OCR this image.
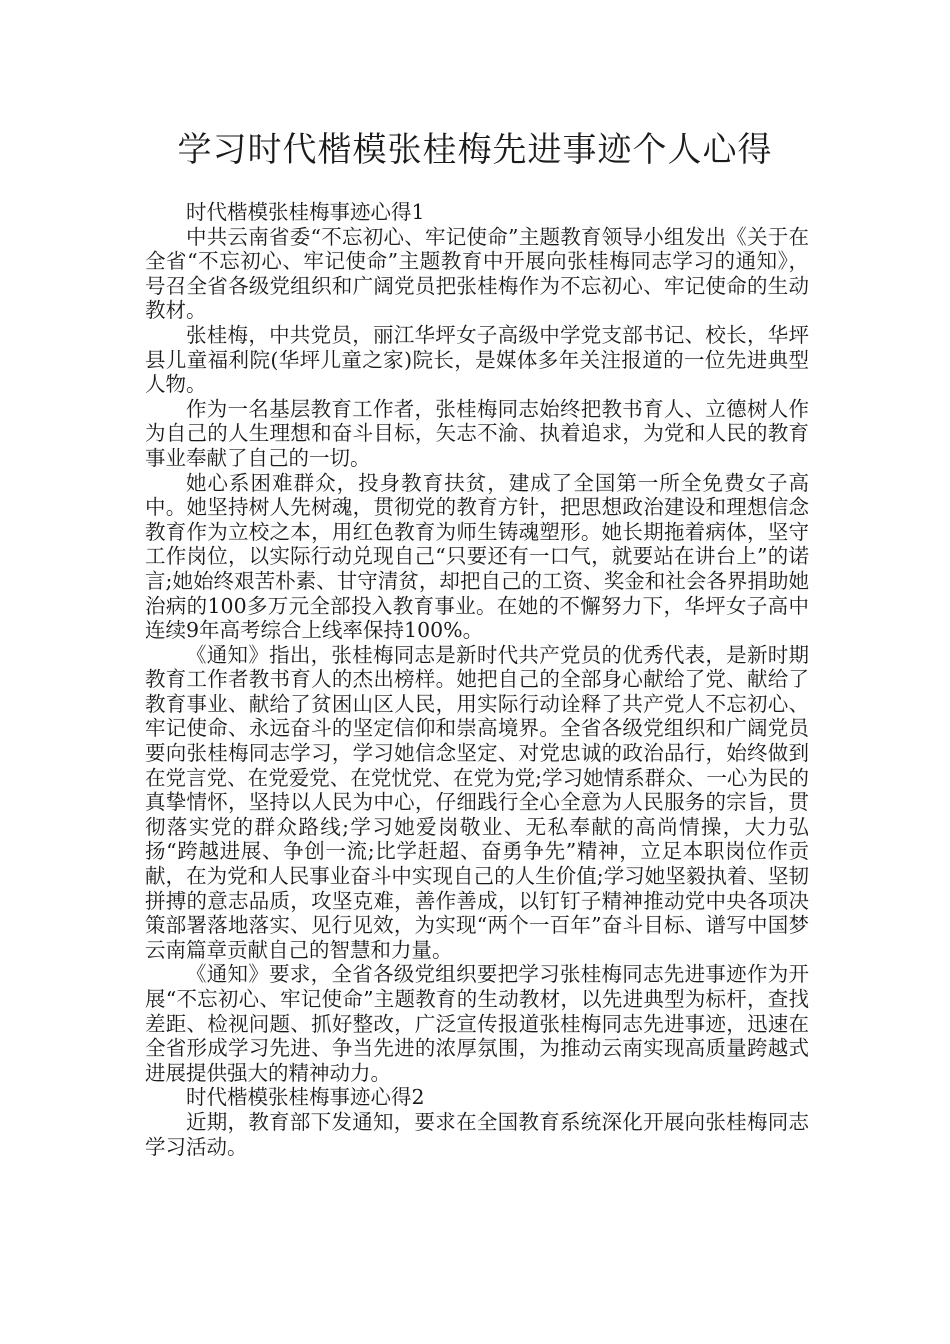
学习时代楷模张桂梅先进事迹个人心得

时代楷模张桂梅事迹心得1

中共云南省委“不忘初心、牢记使命”主题教育领导小组发出《关于在全省“不忘初心、牢记使命”主题教育中开展向张桂梅同志学习的通知》，号召全省各级党组织和广阔党员把张桂梅作为不忘初心、牢记使命的生动教材。

张桂梅，中共党员，丽江华坪女子高级中学党支部书记、校长，华坪县儿童福利院(华坪儿童之家)院长，是媒体多年关注报道的一位先进典型人物。

作为一名基层教育工作者，张桂梅同志始终把教书育人、立德树人作为自己的人生理想和奋斗目标，矢志不渝、执着追求，为党和人民的教育事业奉献了自己的一切。

她心系困难群众，投身教育扶贫，建成了全国第一所全免费女子高中。她坚持树人先树魂，贯彻党的教育方针，把思想政治建设和理想信念教育作为立校之本，用红色教育为师生铸魂塑形。她长期拖着病体，坚守工作岗位，以实际行动兑现自己“只要还有一口气，就要站在讲台上”的诺言;她始终艰苦朴素、甘守清贫，却把自己的工资、奖金和社会各界捐助她治病的100多万元全部投入教育事业。在她的不懈努力下，华坪女子高中连续9年高考综合上线率保持100%。

《通知》指出，张桂梅同志是新时代共产党员的优秀代表，是新时期教育工作者教书育人的杰出榜样。她把自己的全部身心献给了党、献给了教育事业、献给了贫困山区人民，用实际行动诠释了共产党人不忘初心、牢记使命、永远奋斗的坚定信仰和崇高境界。全省各级党组织和广阔党员要向张桂梅同志学习，学习她信念坚定、对党忠诚的政治品行，始终做到在党言党、在党爱党、在党忧党、在党为党;学习她情系群众、一心为民的真挚情怀，坚持以人民为中心，仔细践行全心全意为人民服务的宗旨，贯彻落实党的群众路线;学习她爱岗敬业、无私奉献的高尚情操，大力弘扬“跨越进展、争创一流;比学赶超、奋勇争先”精神，立足本职岗位作贡献，在为党和人民事业奋斗中实现自己的人生价值;学习她坚毅执着、坚韧拼搏的意志品质，攻坚克难，善作善成，以钉钉子精神推动党中央各项决策部署落地落实、见行见效，为实现“两个一百年”奋斗目标、谱写中国梦云南篇章贡献自己的智慧和力量。

《通知》要求，全省各级党组织要把学习张桂梅同志先进事迹作为开展“不忘初心、牢记使命”主题教育的生动教材，以先进典型为标杆，查找差距、检视问题、抓好整改，广泛宣传报道张桂梅同志先进事迹，迅速在全省形成学习先进、争当先进的浓厚氛围，为推动云南实现高质量跨越式进展提供强大的精神动力。

时代楷模张桂梅事迹心得2

近期，教育部下发通知，要求在全国教育系统深化开展向张桂梅同志学习活动。
